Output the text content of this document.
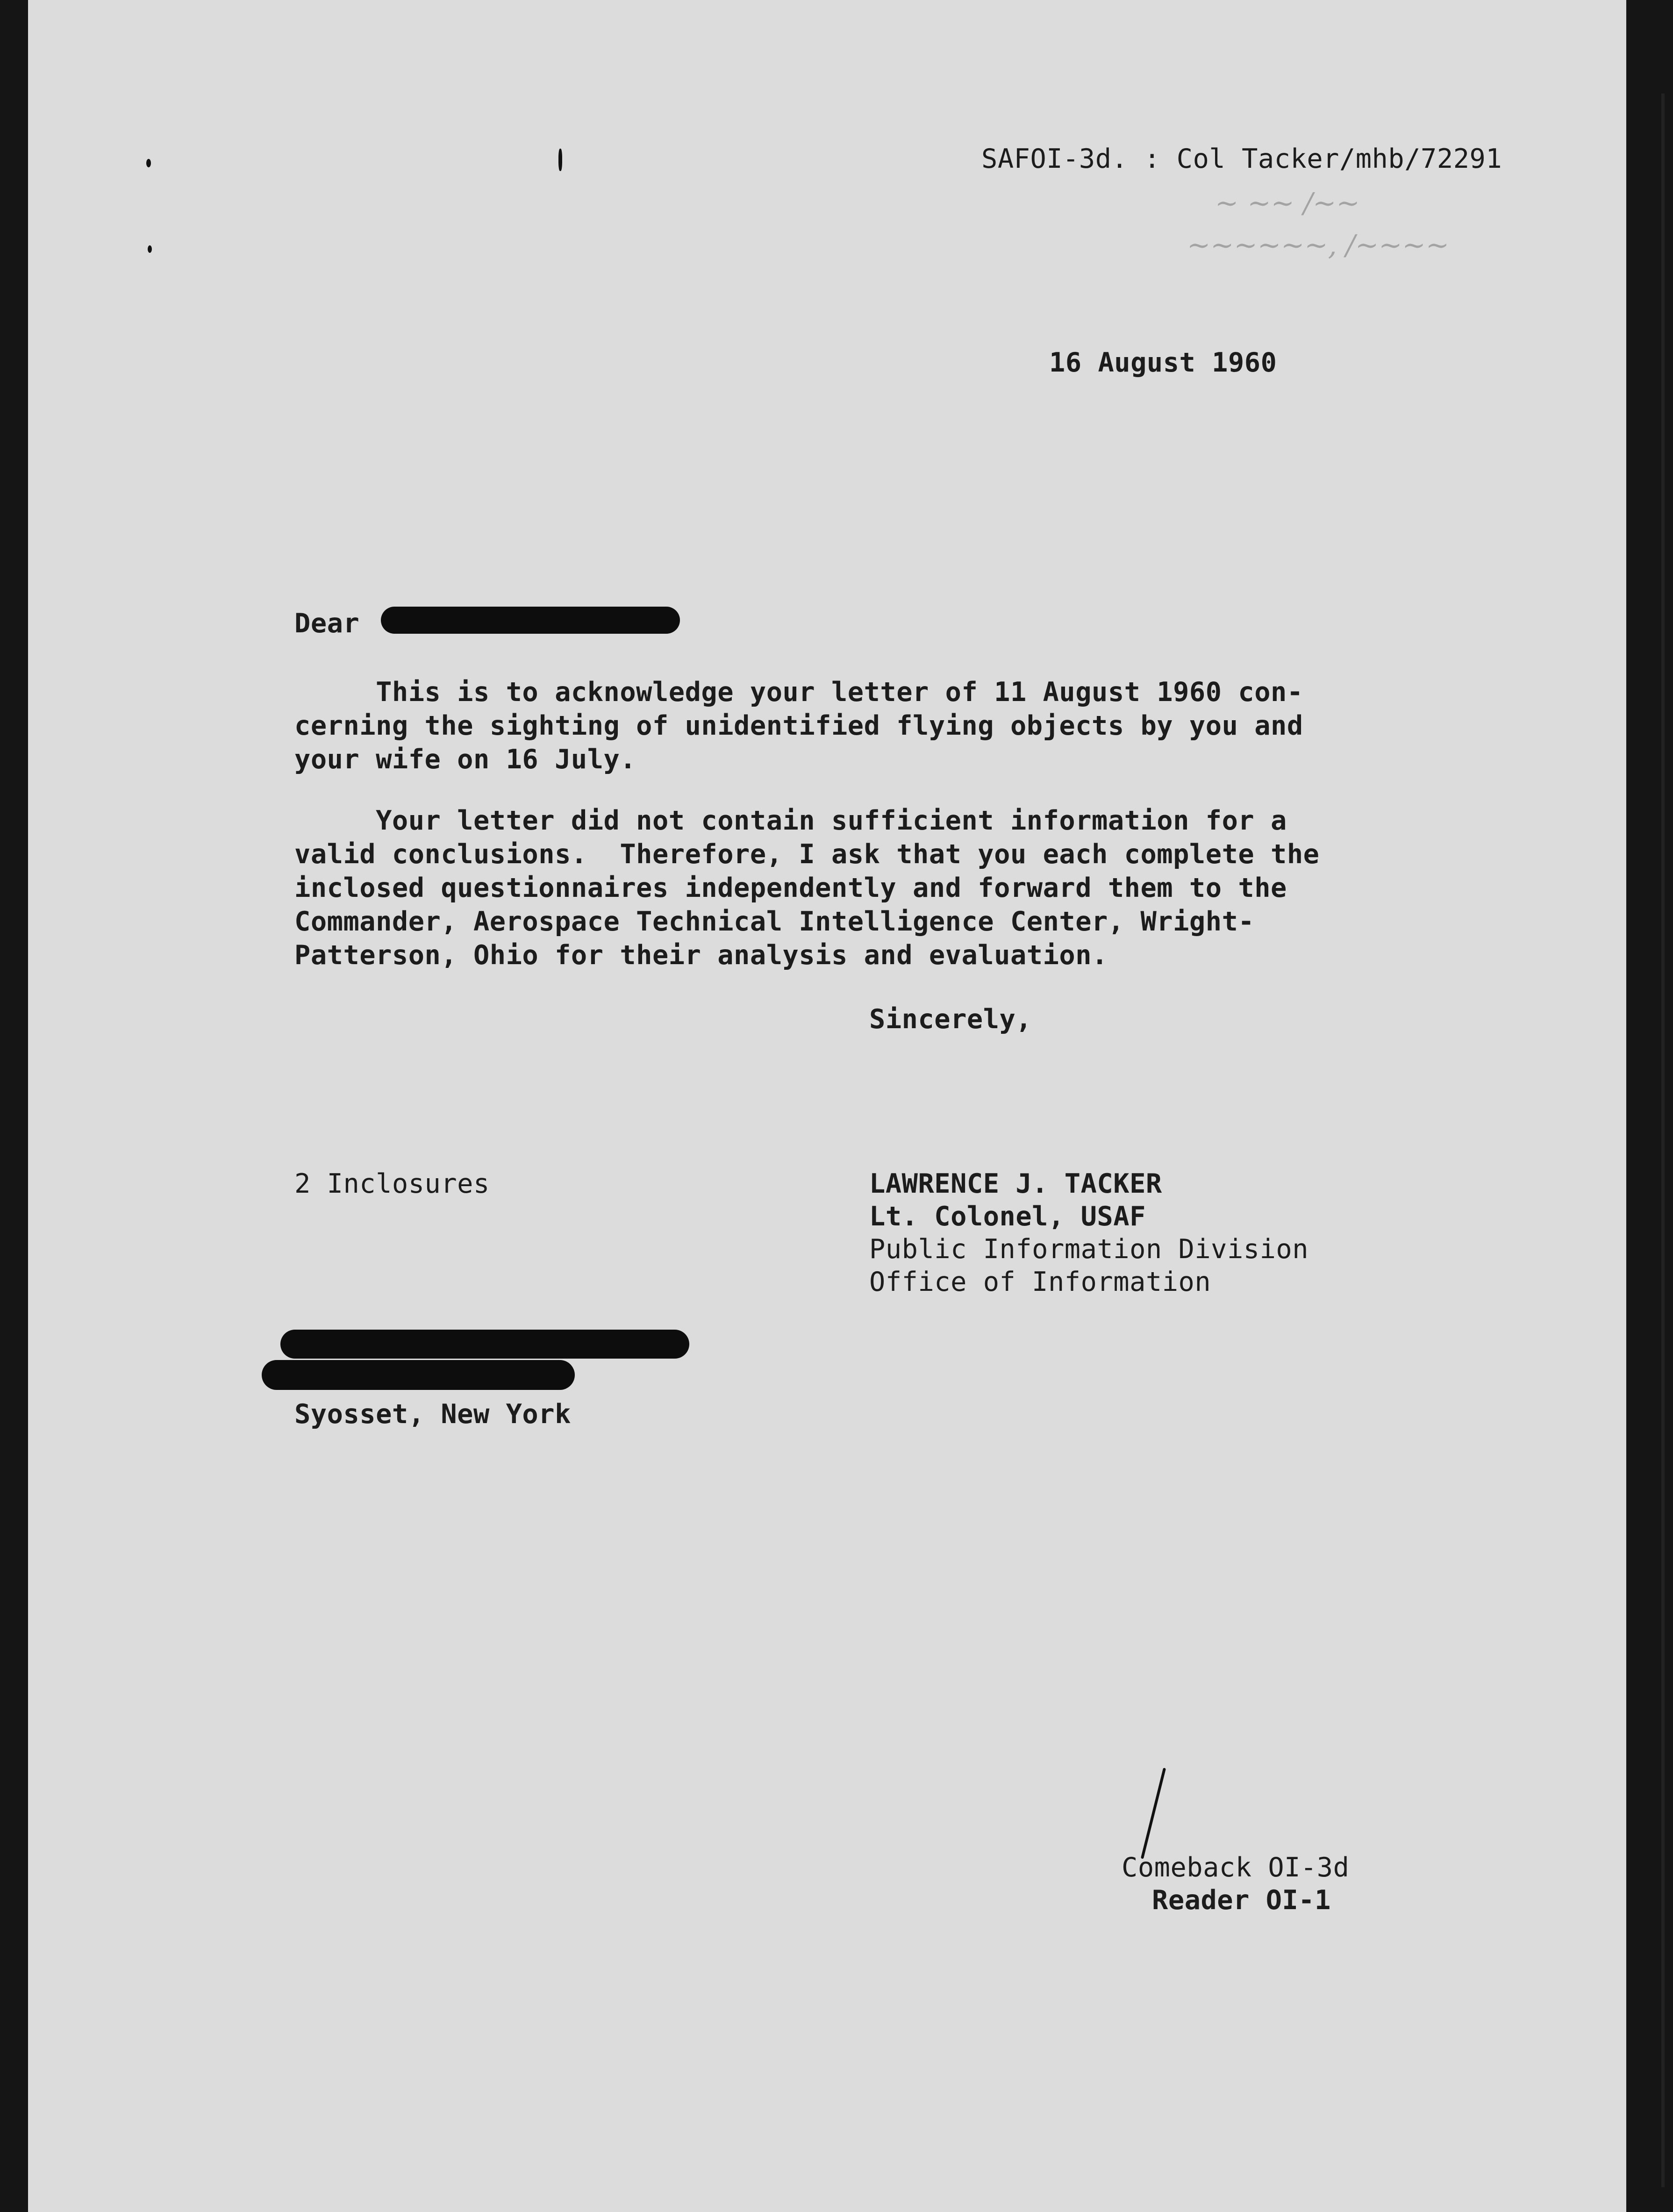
SAFOI-3d. : Col Tacker/mhb/72291
~ ~~ /~~
~~~~~~, /~~~~
16 August 1960
Dear
This is to acknowledge your letter of 11 August 1960 con-
cerning the sighting of unidentified flying objects by you and
your wife on 16 July.
Your letter did not contain sufficient information for a
valid conclusions.  Therefore, I ask that you each complete the
inclosed questionnaires independently and forward them to the
Commander, Aerospace Technical Intelligence Center, Wright-
Patterson, Ohio for their analysis and evaluation.
Sincerely,
2 Inclosures	LAWRENCE J. TACKER
Lt. Colonel, USAF
Public Information Division
Office of Information
Syosset, New York
Comeback OI-3d
Reader OI-1
